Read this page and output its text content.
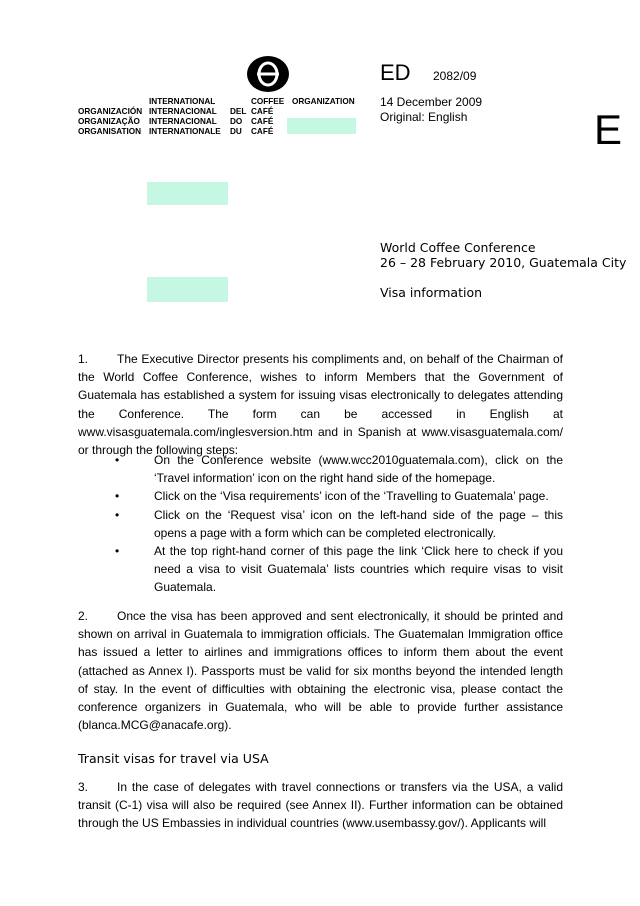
INTERNATIONAL	COFFEE ORGANIZATION
ORGANIZACIÓN INTERNACIONAL DEL CAFÉ
ORGANIZAÇÃO INTERNACIONAL DO CAFÉ
ORGANISATION INTERNATIONALE DU CAFÉ
ED 2082/09
14 December 2009
Original: English	E
World Coffee Conference
26 – 28 February 2010, Guatemala City
Visa information
1. The Executive Director presents his compliments and, on behalf of the Chairman of the World Coffee Conference, wishes to inform Members that the Government of Guatemala has established a system for issuing visas electronically to delegates attending the Conference. The form can be accessed in English at www.visasguatemala.com/inglesversion.htm and in Spanish at www.visasguatemala.com/ or through the following steps:
•	On the Conference website (www.wcc2010guatemala.com), click on the ‘Travel information’ icon on the right hand side of the homepage.
•	Click on the ‘Visa requirements’ icon of the ‘Travelling to Guatemala’ page.
•	Click on the ‘Request visa’ icon on the left-hand side of the page – this opens a page with a form which can be completed electronically.
•	At the top right-hand corner of this page the link ‘Click here to check if you need a visa to visit Guatemala’ lists countries which require visas to visit Guatemala.
2. Once the visa has been approved and sent electronically, it should be printed and shown on arrival in Guatemala to immigration officials. The Guatemalan Immigration office has issued a letter to airlines and immigrations offices to inform them about the event (attached as Annex I). Passports must be valid for six months beyond the intended length of stay. In the event of difficulties with obtaining the electronic visa, please contact the conference organizers in Guatemala, who will be able to provide further assistance (blanca.MCG@anacafe.org).
Transit visas for travel via USA
3. In the case of delegates with travel connections or transfers via the USA, a valid transit (C-1) visa will also be required (see Annex II). Further information can be obtained through the US Embassies in individual countries (www.usembassy.gov/). Applicants will
